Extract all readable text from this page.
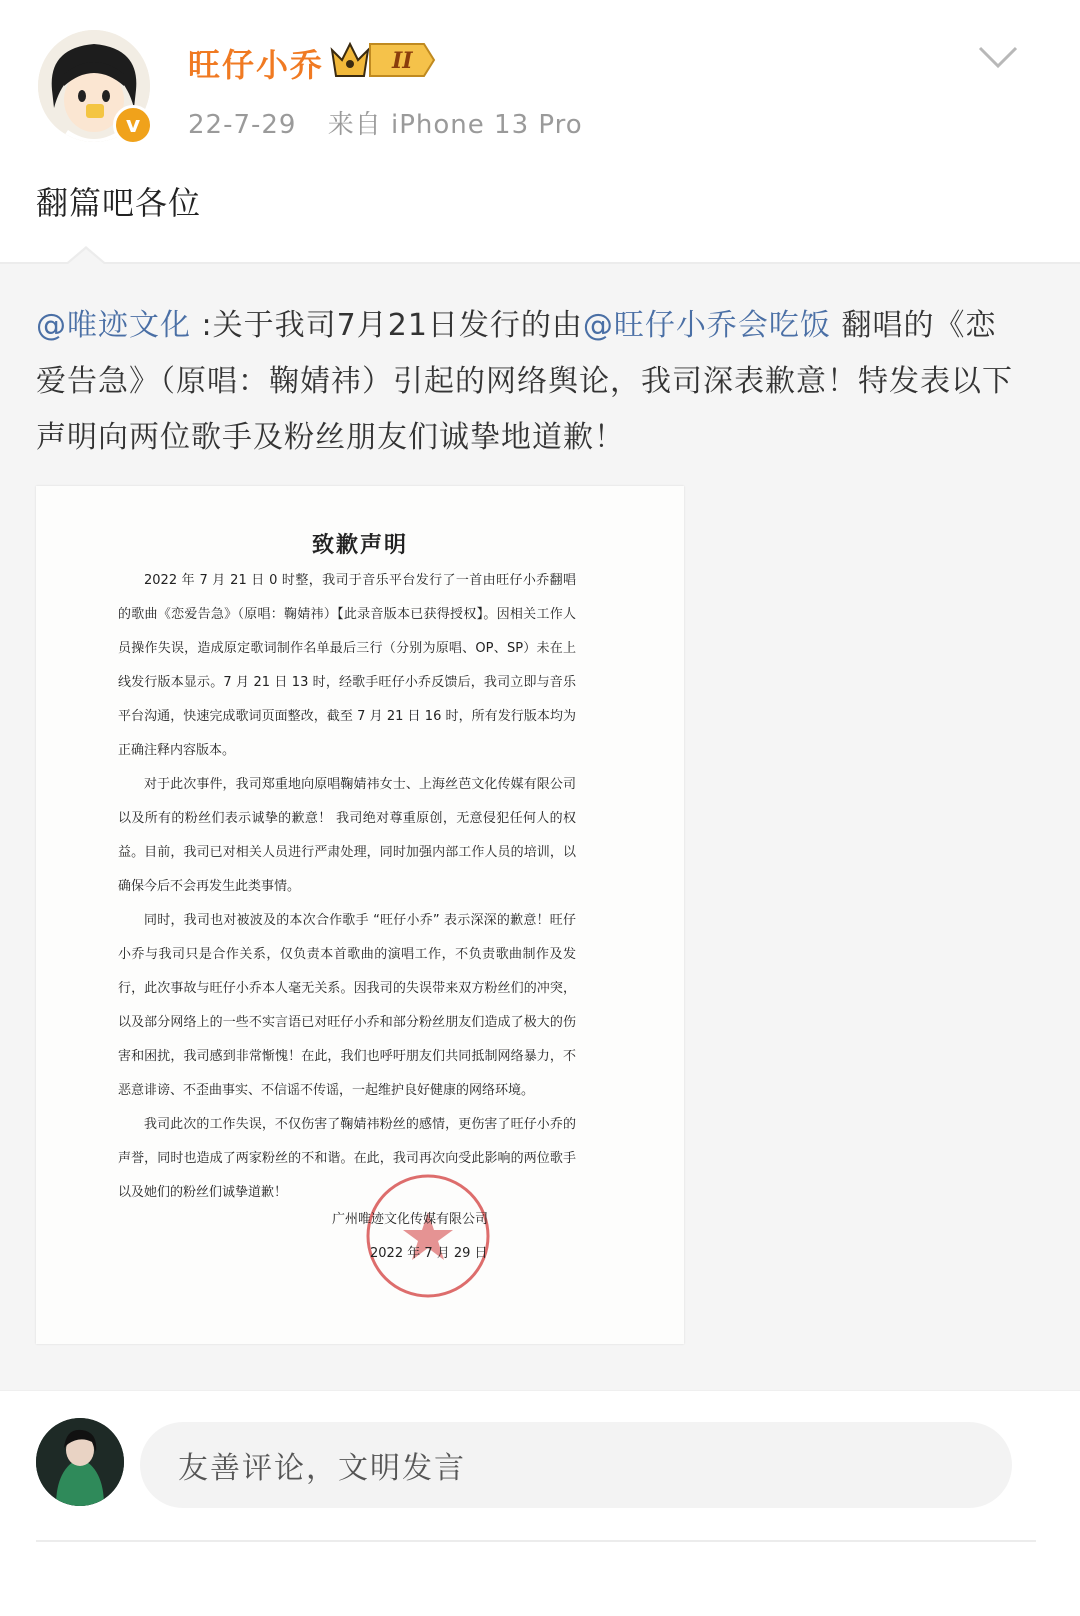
v
旺仔小乔	II
22-7-29 来自 iPhone 13 Pro
翻篇吧各位
@唯迹文化 :关于我司7月21日发行的由@旺仔小乔会吃饭 翻唱的《恋爱告急》（原唱：鞠婧祎）引起的网络舆论，我司深表歉意！特发表以下声明向两位歌手及粉丝朋友们诚挚地道歉！
致歉声明

2022 年 7 月 21 日 0 时整，我司于音乐平台发行了一首由旺仔小乔翻唱的歌曲《恋爱告急》（原唱：鞠婧祎）【此录音版本已获得授权】。因相关工作人员操作失误，造成原定歌词制作名单最后三行（分别为原唱、OP、SP）未在上线发行版本显示。7 月 21 日 13 时，经歌手旺仔小乔反馈后，我司立即与音乐平台沟通，快速完成歌词页面整改，截至 7 月 21 日 16 时，所有发行版本均为正确注释内容版本。

对于此次事件，我司郑重地向原唱鞠婧祎女士、上海丝芭文化传媒有限公司以及所有的粉丝们表示诚挚的歉意！ 我司绝对尊重原创，无意侵犯任何人的权益。目前，我司已对相关人员进行严肃处理，同时加强内部工作人员的培训，以确保今后不会再发生此类事情。

同时，我司也对被波及的本次合作歌手 “旺仔小乔” 表示深深的歉意！旺仔小乔与我司只是合作关系，仅负责本首歌曲的演唱工作，不负责歌曲制作及发行，此次事故与旺仔小乔本人毫无关系。因我司的失误带来双方粉丝们的冲突，以及部分网络上的一些不实言语已对旺仔小乔和部分粉丝朋友们造成了极大的伤害和困扰，我司感到非常惭愧！在此，我们也呼吁朋友们共同抵制网络暴力，不恶意诽谤、不歪曲事实、不信谣不传谣，一起维护良好健康的网络环境。

我司此次的工作失误，不仅伤害了鞠婧祎粉丝的感情，更伤害了旺仔小乔的声誉，同时也造成了两家粉丝的不和谐。在此，我司再次向受此影响的两位歌手以及她们的粉丝们诚挚道歉！

广州唯迹文化传媒有限公司
2022 年 7 月 29 日
友善评论，文明发言
